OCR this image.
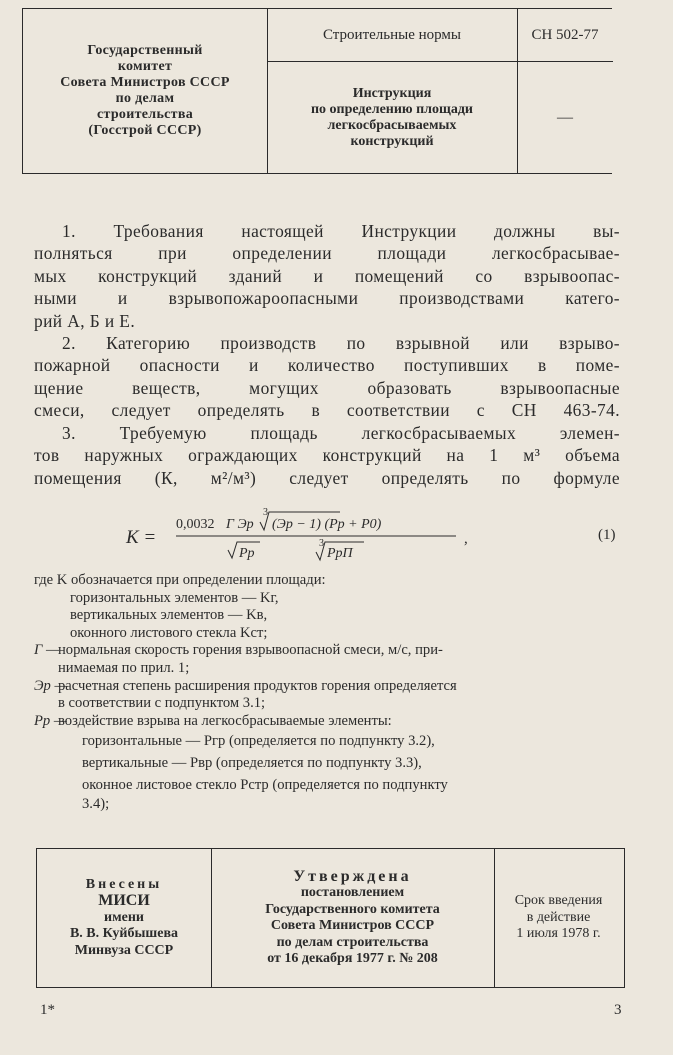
Государственный
комитет
Совета Министров СССР
по делам
строительства
(Госстрой СССР)
Строительные нормы
Инструкция
по определению площади
легкосбрасываемых
конструкций
СН 502-77
—
1. Требования настоящей Инструкции должны вы-
полняться при определении площади легкосбрасывае-
мых конструкций зданий и помещений со взрывоопас-
ными и взрывопожароопасными производствами катего-
рий А, Б и Е.
2. Категорию производств по взрывной или взрыво-
пожарной опасности и количество поступивших в поме-
щение веществ, могущих образовать взрывоопасные
смеси, следует определять в соответствии с СН 463-74.
3. Требуемую площадь легкосбрасываемых элемен-
тов наружных ограждающих конструкций на 1 м³ объема
помещения (К, м²/м³) следует определять по формуле
K =
0,0032 Г Эр
3
(Эр − 1) (Рр + Р0)
Рр
3
РрП
,	(1)
где K обозначается при определении площади:
горизонтальных элементов — Kг,
вертикальных элементов — Kв,
оконного листового стекла Kст;
Г — нормальная скорость горения взрывоопасной смеси, м/с, при-
нимаемая по прил. 1;
Эр —
расчетная степень расширения продуктов горения определяется
в соответствии с подпунктом 3.1;
Рр —
воздействие взрыва на легкосбрасываемые элементы:
горизонтальные — Ргр (определяется по подпункту 3.2),
вертикальные — Рвр (определяется по подпункту 3.3),
оконное листовое стекло Рстр (определяется по подпункту
3.4);
Внесены
МИСИ
имени
В. В. Куйбышева
Минвуза СССР
Утверждена
постановлением
Государственного комитета
Совета Министров СССР
по делам строительства
от 16 декабря 1977 г. № 208
Срок введения
в действие
1 июля 1978 г.
1*	3
